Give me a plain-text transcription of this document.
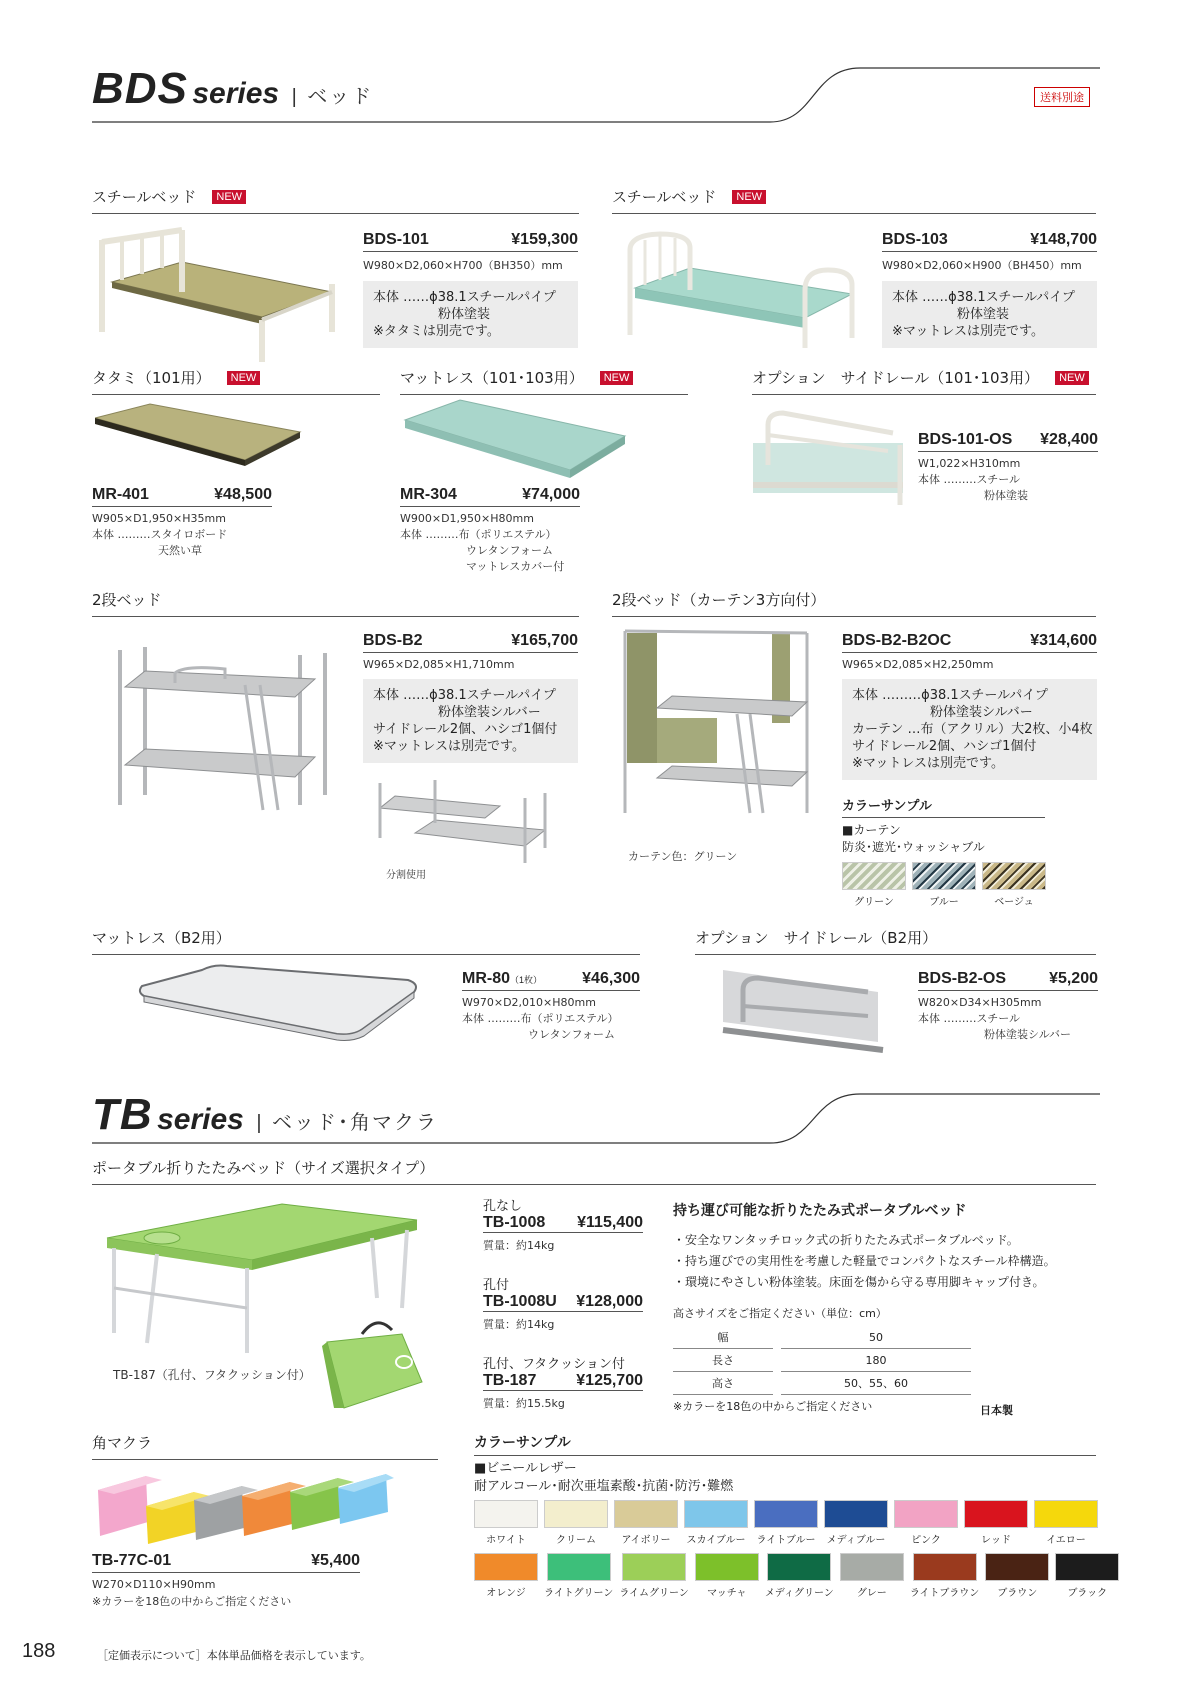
BDS series | ベッド	送料別途
スチールベッド NEW
BDS-101	¥159,300
W980×D2,060×H700（BH350）mm
本体 ……ϕ38.1スチールパイプ
　　　　　粉体塗装
※タタミは別売です。
スチールベッド NEW
BDS-103	¥148,700
W980×D2,060×H900（BH450）mm
本体 ……ϕ38.1スチールパイプ
　　　　　粉体塗装
※マットレスは別売です。
タタミ（101用） NEW
MR-401	¥48,500
W905×D1,950×H35mm
本体 ………スタイロボード
　　　　　　天然い草
マットレス（101･103用） NEW
MR-304	¥74,000
W900×D1,950×H80mm
本体 ………布（ポリエステル）
　　　　　　ウレタンフォーム
　　　　　　マットレスカバー付
オプション　サイドレール（101･103用） NEW
BDS-101-OS ¥28,400
W1,022×H310mm
本体 ………スチール
　　　　　　粉体塗装
2段ベッド
BDS-B2	¥165,700
W965×D2,085×H1,710mm
本体 ……ϕ38.1スチールパイプ
　　　　　粉体塗装シルバー
サイドレール2個、ハシゴ1個付
※マットレスは別売です。
分割使用
2段ベッド（カーテン3方向付）
カーテン色：グリーン
BDS-B2-B2OC	¥314,600
W965×D2,085×H2,250mm
本体 ………ϕ38.1スチールパイプ
　　　　　　粉体塗装シルバー
カーテン …布（アクリル）大2枚、小4枚
サイドレール2個、ハシゴ1個付
※マットレスは別売です。
カラーサンプル
■カーテン
防炎･遮光･ウォッシャブル
グリーン	ブルー	ベージュ
マットレス（B2用）
MR-80（1枚）	¥46,300
W970×D2,010×H80mm
本体 ………布（ポリエステル）
　　　　　　ウレタンフォーム
オプション　サイドレール（B2用）
BDS-B2-OS	¥5,200
W820×D34×H305mm
本体 ………スチール
　　　　　　粉体塗装シルバー
TB series | ベッド･角マクラ
ポータブル折りたたみベッド（サイズ選択タイプ）
TB-187（孔付、フタクッション付）
孔なし
TB-1008 ¥115,400
質量：約14kg
孔付
TB-1008U ¥128,000
質量：約14kg
孔付、フタクッション付
TB-187 ¥125,700
質量：約15.5kg
持ち運び可能な折りたたみ式ポータブルベッド
・安全なワンタッチロック式の折りたたみ式ポータブルベッド。
・持ち運びでの実用性を考慮した軽量でコンパクトなスチール枠構造。
・環境にやさしい粉体塗装。床面を傷から守る専用脚キャップ付き。
高さサイズをご指定ください（単位：cm）
幅		50
長さ		180
高さ		50、55、60
※カラーを18色の中からご指定ください	日本製
角マクラ
TB-77C-01	¥5,400
W270×D110×H90mm
※カラーを18色の中からご指定ください
カラーサンプル
■ビニールレザー
耐アルコール･耐次亜塩素酸･抗菌･防汚･難燃
ホワイト	クリーム	アイボリー スカイブルー ライトブルー メディブルー	ピンク	レッド	イエロー
オレンジ ライトグリーン ライムグリーン マッチャ メディグリーン グレー ライトブラウン ブラウン	ブラック
188	［定価表示について］本体単品価格を表示しています。
